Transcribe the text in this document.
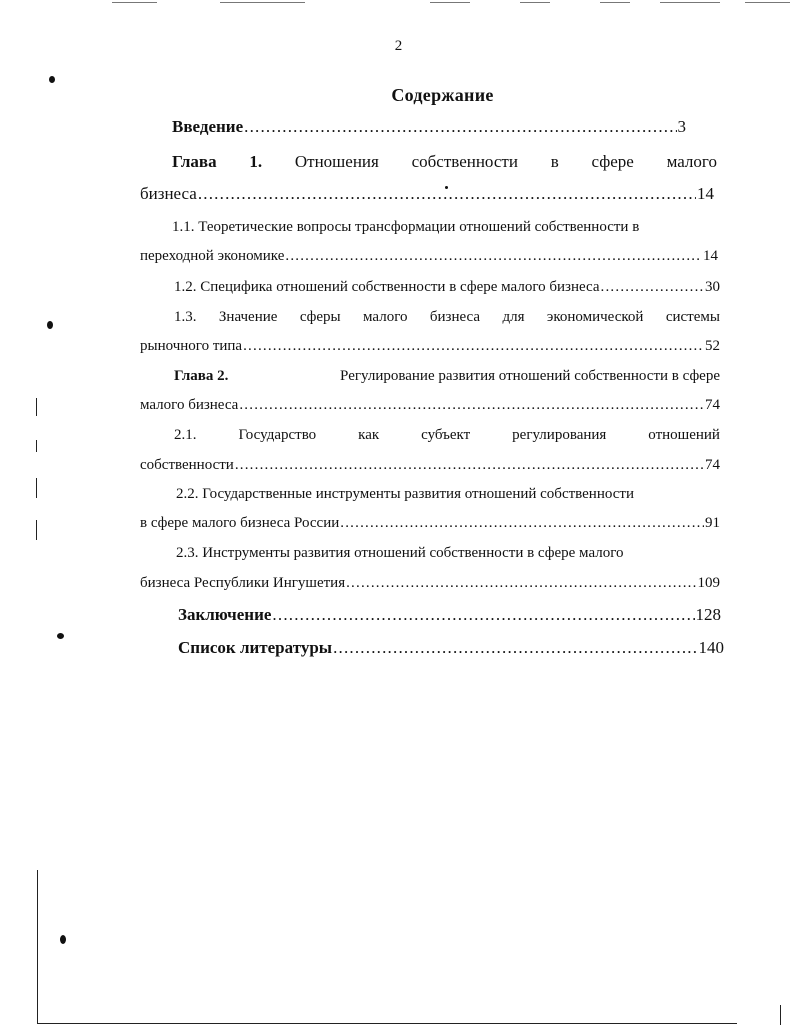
2
Содержание
Введение .....	3
Глава 1. Отношения собственности в сфере малого
бизнеса .....	14
1.1. Теоретические вопросы трансформации отношений собственности в
переходной экономике .....	14
1.2. Специфика отношений собственности в сфере малого бизнеса .....	30
1.3. Значение сферы малого бизнеса для экономической системы
рыночного типа .....	52
Глава 2.	Регулирование развития отношений собственности в сфере
малого бизнеса .....	74
2.1.	Государство	как	субъект	регулирования	отношений
собственности .....	74
2.2. Государственные инструменты развития отношений собственности
в сфере малого бизнеса России .....	91
2.3. Инструменты развития отношений собственности в сфере малого
бизнеса Республики Ингушетия .....	109
Заключение .....	128
Список литературы .....	140
